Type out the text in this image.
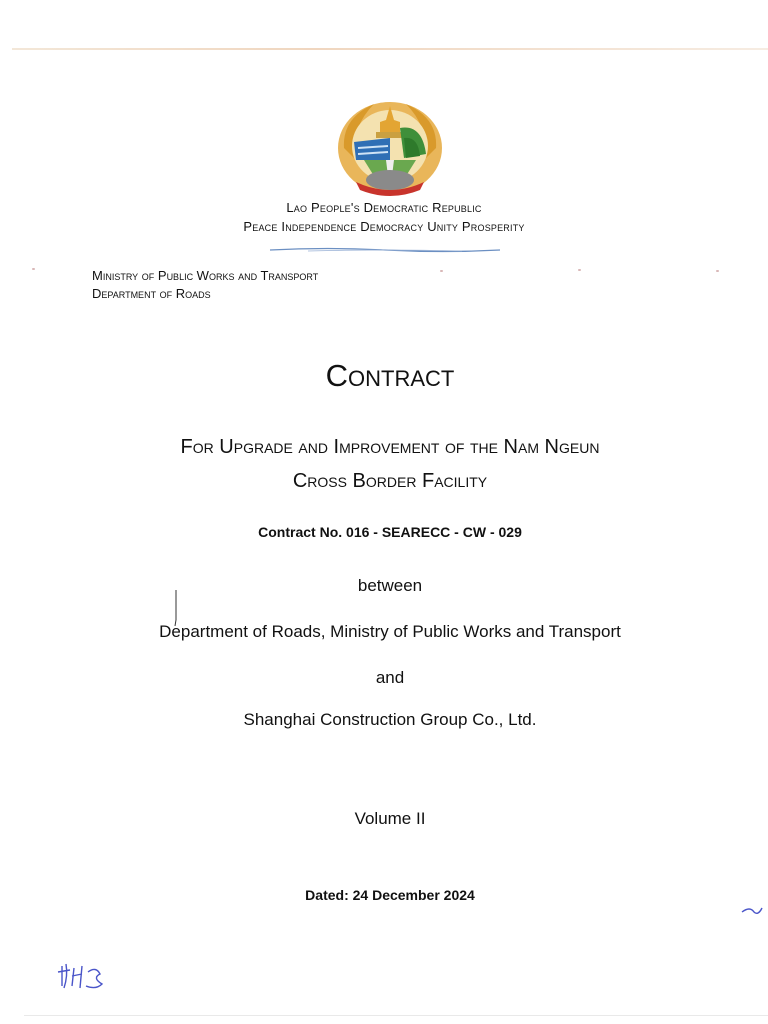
Lao People's Democratic Republic
Peace Independence Democracy Unity Prosperity
Ministry of Public Works and Transport
Department of Roads
Contract
For Upgrade and Improvement of the Nam Ngeun
Cross Border Facility
Contract No. 016 - SEARECC - CW - 029
between
Department of Roads, Ministry of Public Works and Transport
and
Shanghai Construction Group Co., Ltd.
Volume II
Dated: 24 December 2024
